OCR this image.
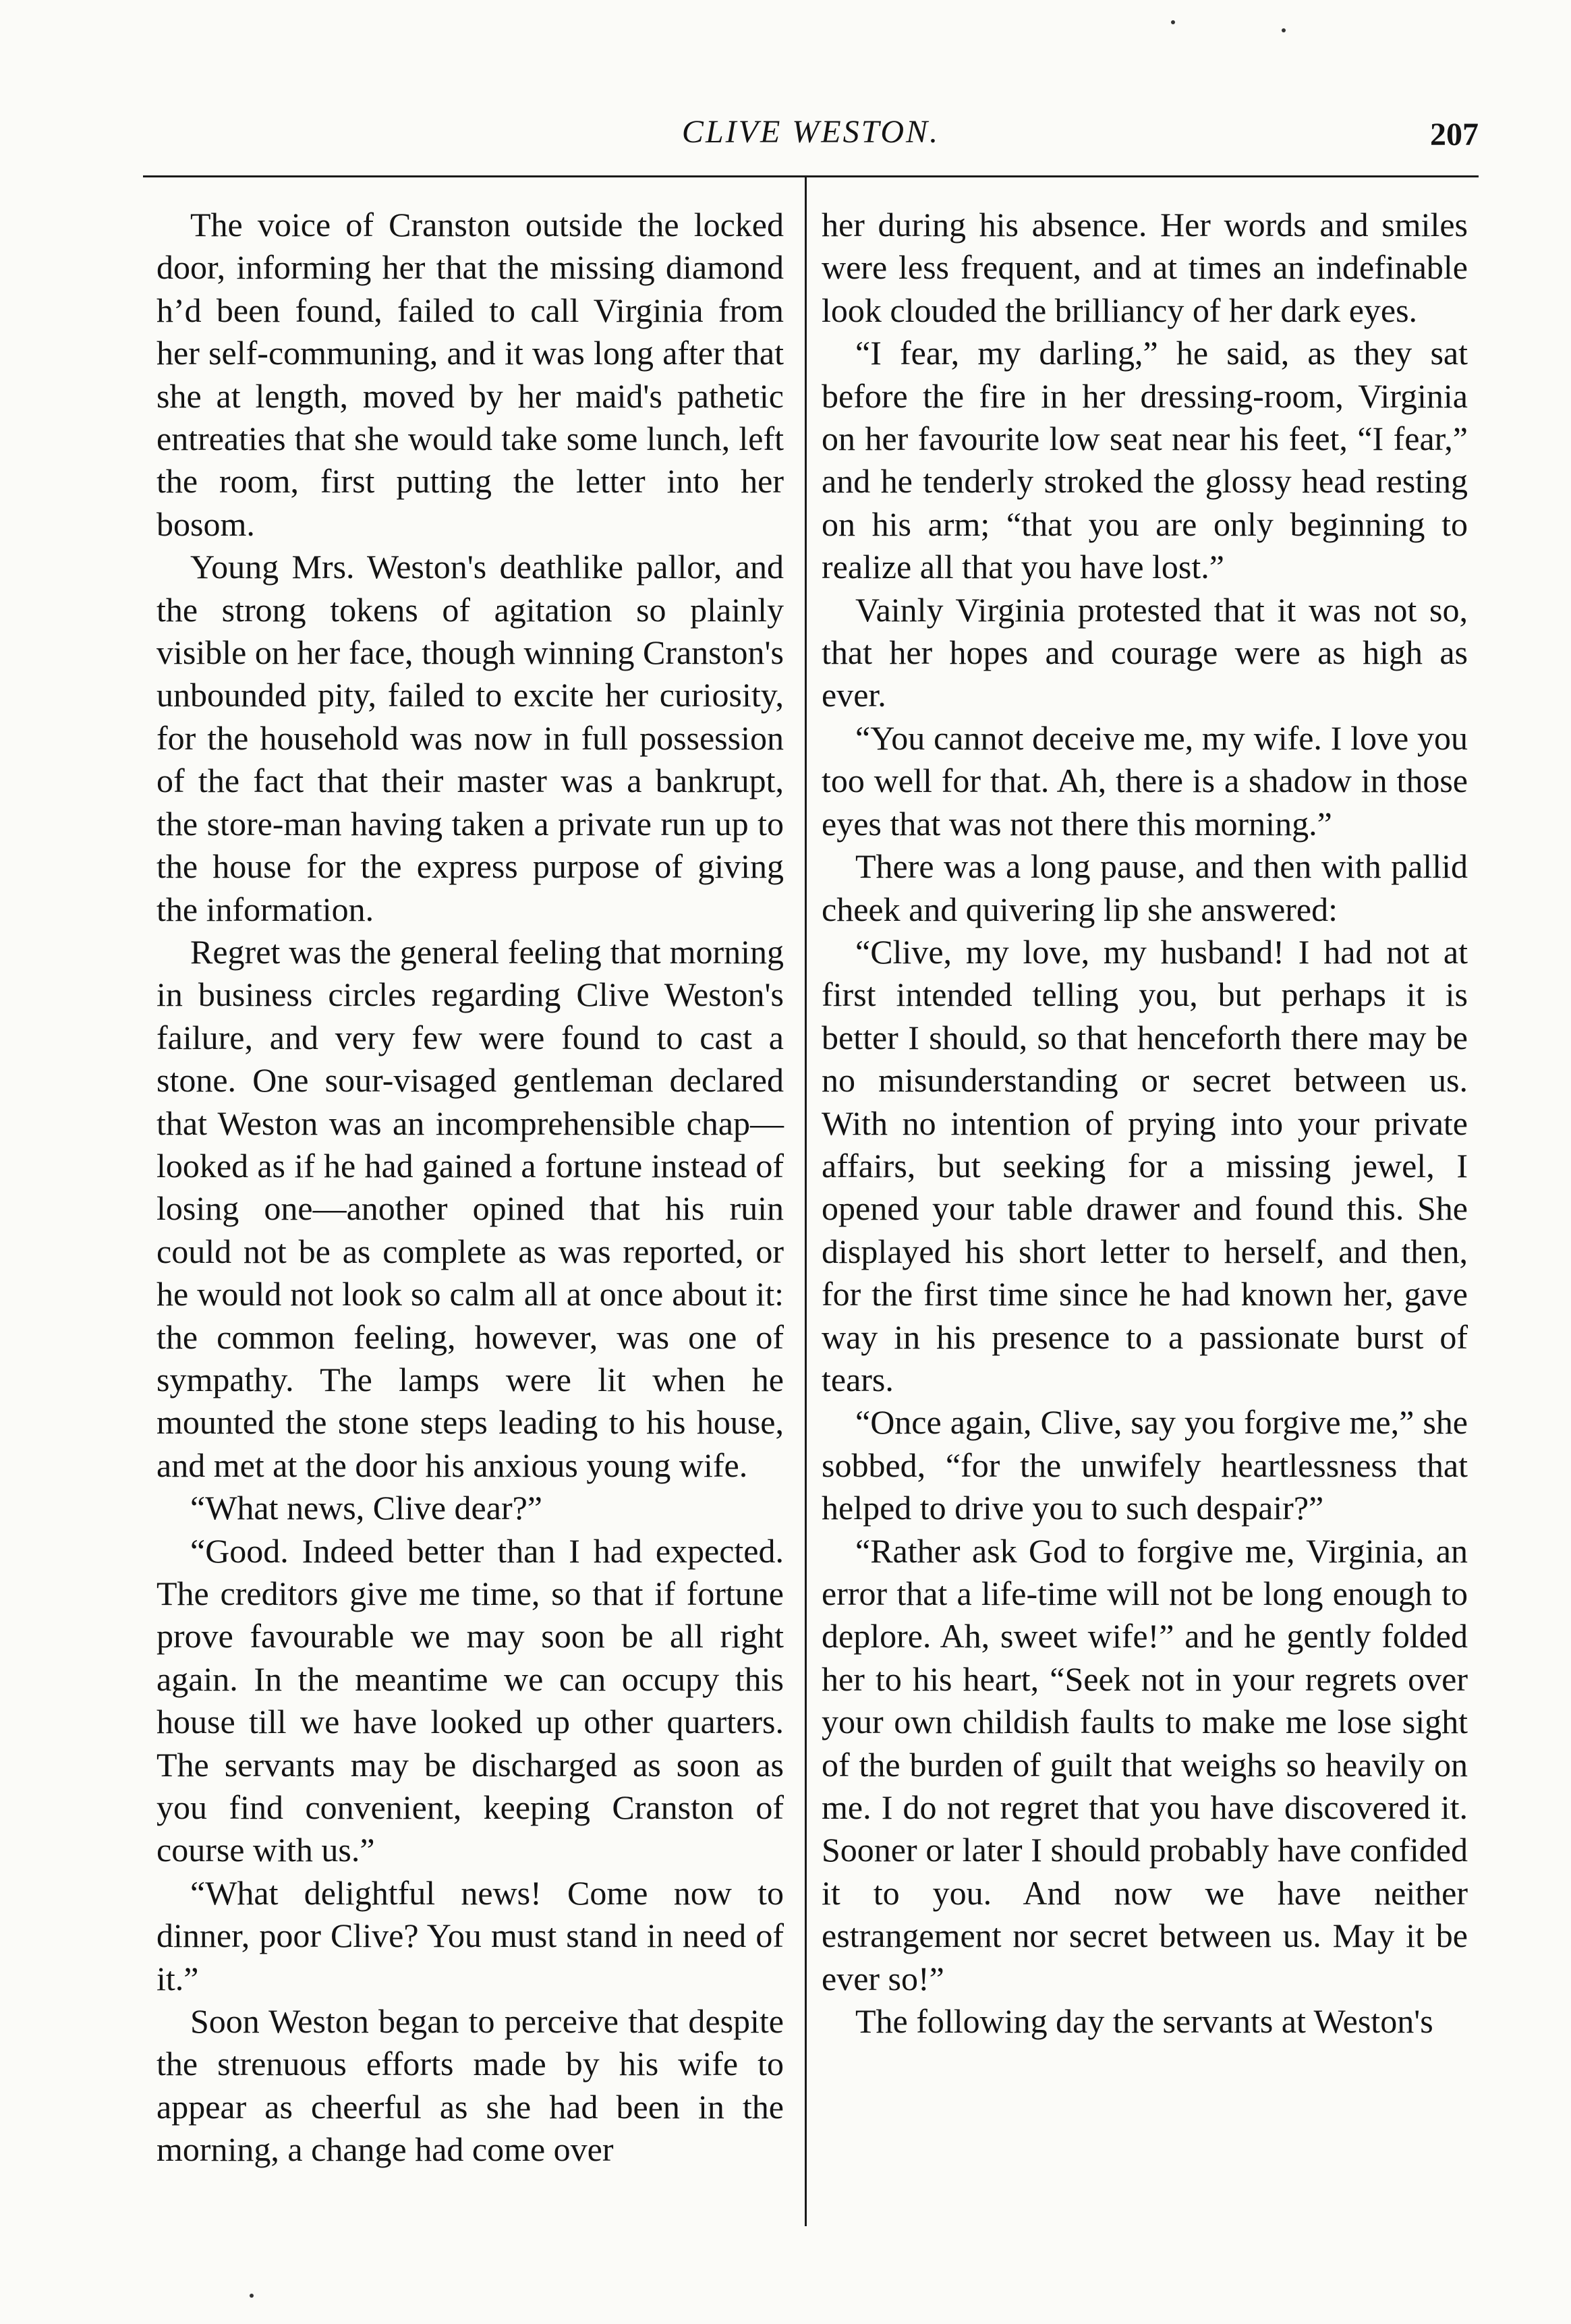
CLIVE WESTON.	207

The voice of Cranston outside the locked door, informing her that the missing diamond h’d been found, failed to call Virginia from her self-communing, and it was long after that she at length, moved by her maid's pathetic entreaties that she would take some lunch, left the room, first putting the letter into her bosom.

Young Mrs. Weston's deathlike pallor, and the strong tokens of agitation so plainly visible on her face, though winning Cranston's unbounded pity, failed to excite her curiosity, for the household was now in full possession of the fact that their master was a bankrupt, the store-man having taken a private run up to the house for the express purpose of giving the information.

Regret was the general feeling that morning in business circles regarding Clive Weston's failure, and very few were found to cast a stone. One sour-visaged gentleman declared that Weston was an incomprehensible chap—looked as if he had gained a fortune instead of losing one—another opined that his ruin could not be as complete as was reported, or he would not look so calm all at once about it: the common feeling, however, was one of sympathy. The lamps were lit when he mounted the stone steps leading to his house, and met at the door his anxious young wife.

“What news, Clive dear?”

“Good. Indeed better than I had expected. The creditors give me time, so that if fortune prove favourable we may soon be all right again. In the meantime we can occupy this house till we have looked up other quarters. The servants may be discharged as soon as you find convenient, keeping Cranston of course with us.”

“What delightful news! Come now to dinner, poor Clive? You must stand in need of it.”

Soon Weston began to perceive that despite the strenuous efforts made by his wife to appear as cheerful as she had been in the morning, a change had come over

her during his absence. Her words and smiles were less frequent, and at times an indefinable look clouded the brilliancy of her dark eyes.

“I fear, my darling,” he said, as they sat before the fire in her dressing-room, Virginia on her favourite low seat near his feet, “I fear,” and he tenderly stroked the glossy head resting on his arm; “that you are only beginning to realize all that you have lost.”

Vainly Virginia protested that it was not so, that her hopes and courage were as high as ever.

“You cannot deceive me, my wife. I love you too well for that. Ah, there is a shadow in those eyes that was not there this morning.”

There was a long pause, and then with pallid cheek and quivering lip she answered:

“Clive, my love, my husband! I had not at first intended telling you, but perhaps it is better I should, so that henceforth there may be no misunderstanding or secret between us. With no intention of prying into your private affairs, but seeking for a missing jewel, I opened your table drawer and found this. She displayed his short letter to herself, and then, for the first time since he had known her, gave way in his presence to a passionate burst of tears.

“Once again, Clive, say you forgive me,” she sobbed, “for the unwifely heartlessness that helped to drive you to such despair?”

“Rather ask God to forgive me, Virginia, an error that a life-time will not be long enough to deplore. Ah, sweet wife!” and he gently folded her to his heart, “Seek not in your regrets over your own childish faults to make me lose sight of the burden of guilt that weighs so heavily on me. I do not regret that you have discovered it. Sooner or later I should probably have confided it to you. And now we have neither estrangement nor secret between us. May it be ever so!”

The following day the servants at Weston's
